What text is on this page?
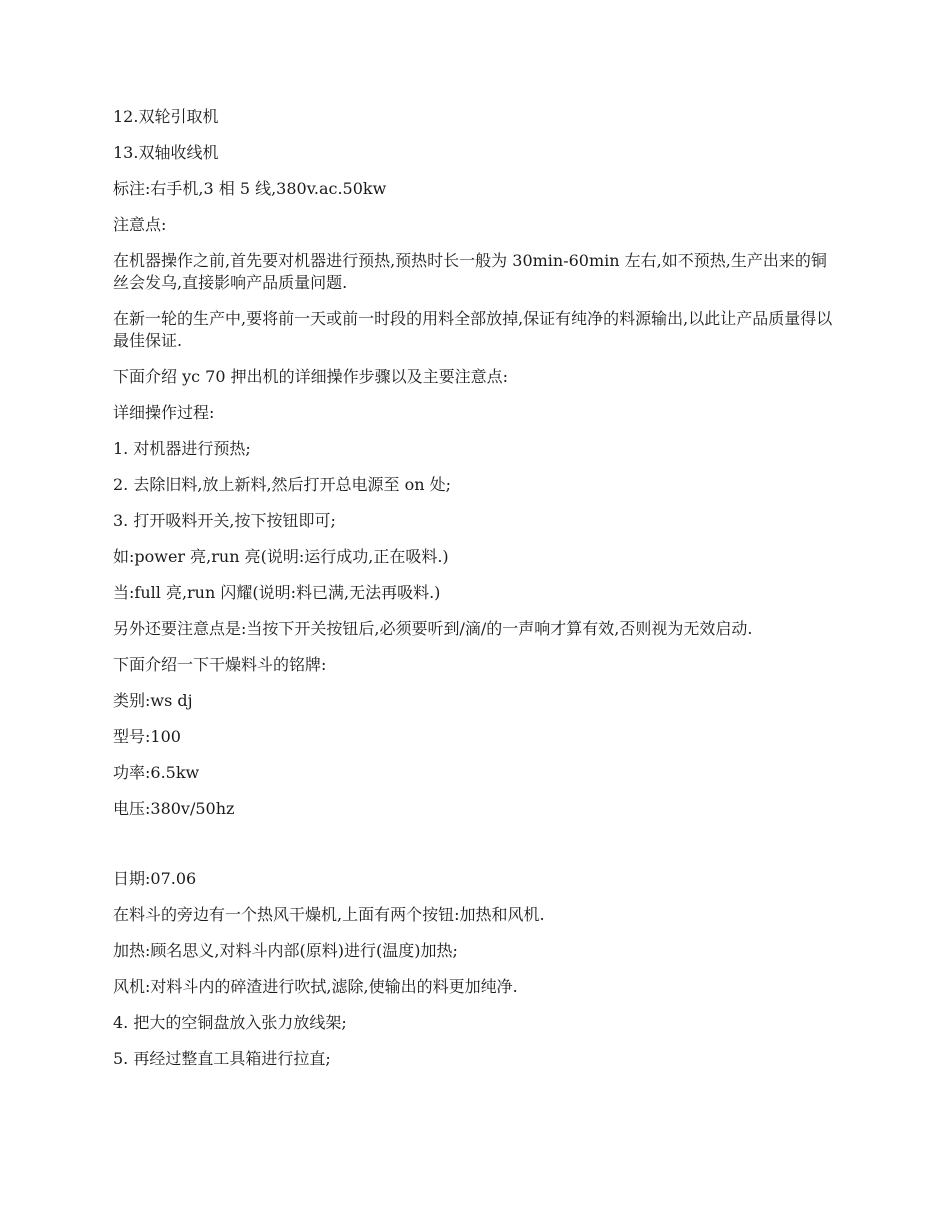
12.双轮引取机

13.双轴收线机

标注:右手机,3 相 5 线,380v.ac.50kw

注意点:

在机器操作之前,首先要对机器进行预热,预热时长一般为 30min-60min 左右,如不预热,生产出来的铜丝会发乌,直接影响产品质量问题.

在新一轮的生产中,要将前一天或前一时段的用料全部放掉,保证有纯净的料源输出,以此让产品质量得以最佳保证.

下面介绍 yc 70 押出机的详细操作步骤以及主要注意点:

详细操作过程:

1. 对机器进行预热;

2. 去除旧料,放上新料,然后打开总电源至 on 处;

3. 打开吸料开关,按下按钮即可;

如:power 亮,run 亮(说明:运行成功,正在吸料.)

当:full 亮,run 闪耀(说明:料已满,无法再吸料.)

另外还要注意点是:当按下开关按钮后,必须要听到/滴/的一声响才算有效,否则视为无效启动.

下面介绍一下干燥料斗的铭牌:

类别:ws dj

型号:100

功率:6.5kw

电压:380v/50hz

日期:07.06

在料斗的旁边有一个热风干燥机,上面有两个按钮:加热和风机.

加热:顾名思义,对料斗内部(原料)进行(温度)加热;

风机:对料斗内的碎渣进行吹拭,滤除,使输出的料更加纯净.

4. 把大的空铜盘放入张力放线架;

5. 再经过整直工具箱进行拉直;
